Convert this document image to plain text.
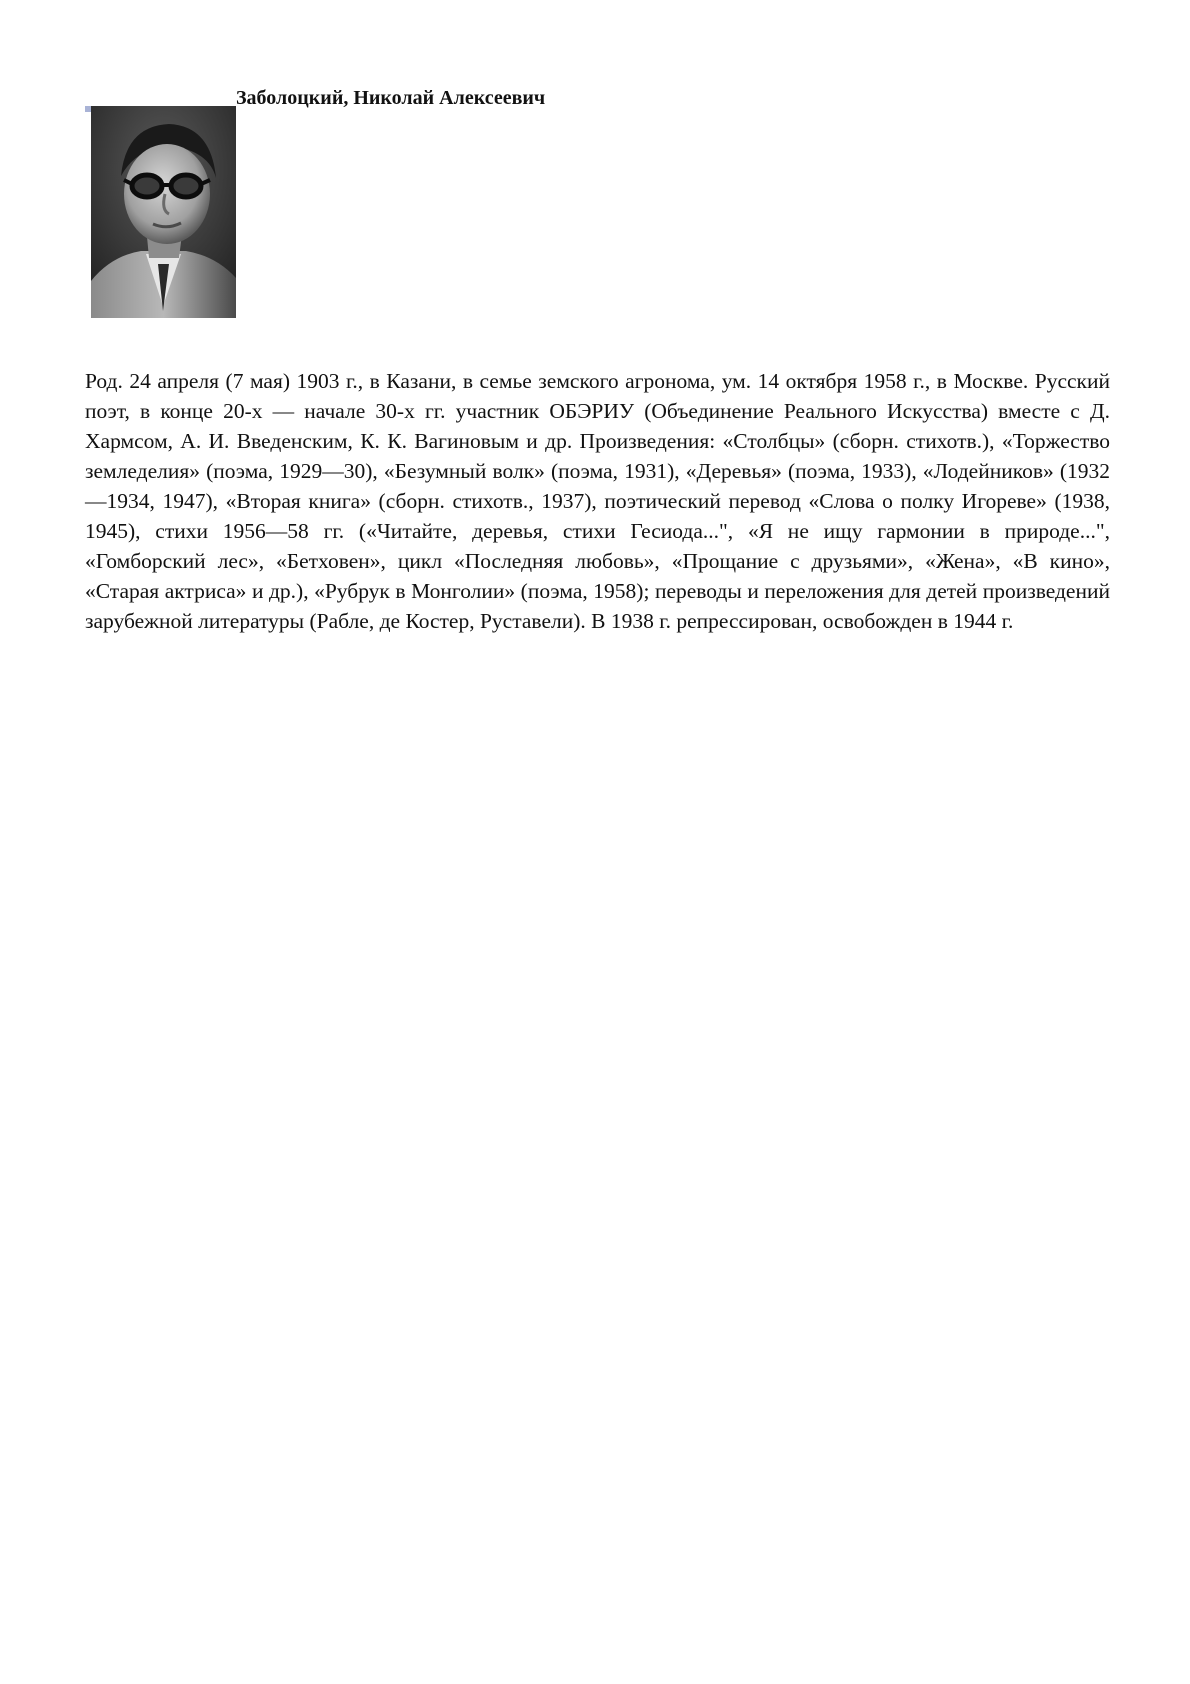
Заболоцкий, Николай Алексеевич
Род. 24 апреля (7 мая) 1903 г., в Казани, в семье земского агронома, ум. 14 октября 1958 г., в Москве. Русский поэт, в конце 20-х — начале 30-х гг. участник ОБЭРИУ (Объединение Реального Искусства) вместе с Д. Хармсом, А. И. Введенским, К. К. Вагиновым и др. Произведения: «Столбцы» (сборн. стихотв.), «Торжество земледелия» (поэма, 1929—30), «Безумный волк» (поэма, 1931), «Деревья» (поэма, 1933), «Лодейников» (1932—1934, 1947), «Вторая книга» (сборн. стихотв., 1937), поэтический перевод «Слова о полку Игореве» (1938, 1945), стихи 1956—58 гг. («Читайте, деревья, стихи Гесиода...", «Я не ищу гармонии в природе...", «Гомборский лес», «Бетховен», цикл «Последняя любовь», «Прощание с друзьями», «Жена», «В кино», «Старая актриса» и др.), «Рубрук в Монголии» (поэма, 1958); переводы и переложения для детей произведений зарубежной литературы (Рабле, де Костер, Руставели). В 1938 г. репрессирован, освобожден в 1944 г.
